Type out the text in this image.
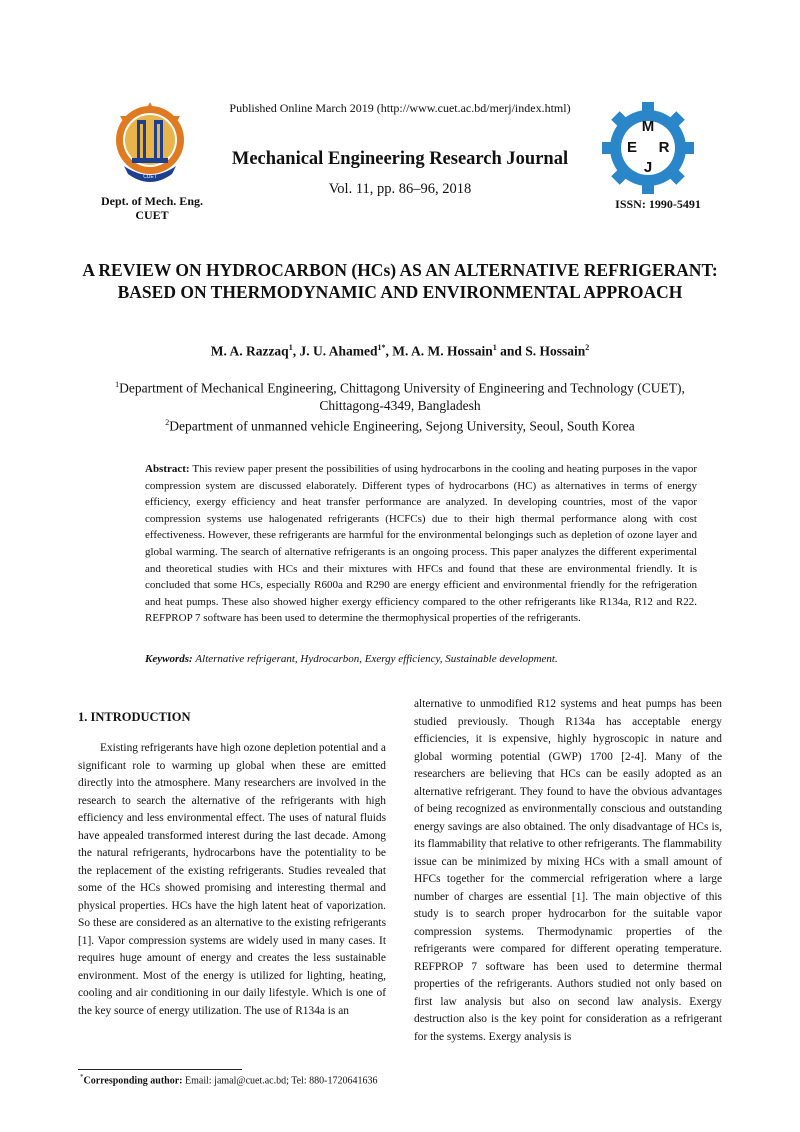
CUET
M
E R
J
Published Online March 2019 (http://www.cuet.ac.bd/merj/index.html)
Mechanical Engineering Research Journal
Vol. 11, pp. 86–96, 2018
Dept. of Mech. Eng.
CUET
ISSN: 1990-5491
A REVIEW ON HYDROCARBON (HCs) AS AN ALTERNATIVE REFRIGERANT: BASED ON THERMODYNAMIC AND ENVIRONMENTAL APPROACH
M. A. Razzaq$^1$, J. U. Ahamed$^{1*}$, M. A. M. Hossain$^1$ and S. Hossain$^2$
$^1$Department of Mechanical Engineering, Chittagong University of Engineering and Technology (CUET),
Chittagong-4349, Bangladesh
$^2$Department of unmanned vehicle Engineering, Sejong University, Seoul, South Korea
Abstract: This review paper present the possibilities of using hydrocarbons in the cooling and heating purposes in the vapor compression system are discussed elaborately. Different types of hydrocarbons (HC) as alternatives in terms of energy efficiency, exergy efficiency and heat transfer performance are analyzed. In developing countries, most of the vapor compression systems use halogenated refrigerants (HCFCs) due to their high thermal performance along with cost effectiveness. However, these refrigerants are harmful for the environmental belongings such as depletion of ozone layer and global warming. The search of alternative refrigerants is an ongoing process. This paper analyzes the different experimental and theoretical studies with HCs and their mixtures with HFCs and found that these are environmental friendly. It is concluded that some HCs, especially R600a and R290 are energy efficient and environmental friendly for the refrigeration and heat pumps. These also showed higher exergy efficiency compared to the other refrigerants like R134a, R12 and R22. REFPROP 7 software has been used to determine the thermophysical properties of the refrigerants.
Keywords: Alternative refrigerant, Hydrocarbon, Exergy efficiency, Sustainable development.
1. INTRODUCTION
Existing refrigerants have high ozone depletion potential and a significant role to warming up global when these are emitted directly into the atmosphere. Many researchers are involved in the research to search the alternative of the refrigerants with high efficiency and less environmental effect. The uses of natural fluids have appealed transformed interest during the last decade. Among the natural refrigerants, hydrocarbons have the potentiality to be the replacement of the existing refrigerants. Studies revealed that some of the HCs showed promising and interesting thermal and physical properties. HCs have the high latent heat of vaporization. So these are considered as an alternative to the existing refrigerants [1]. Vapor compression systems are widely used in many cases. It requires huge amount of energy and creates the less sustainable environment. Most of the energy is utilized for lighting, heating, cooling and air conditioning in our daily lifestyle. Which is one of the key source of energy utilization. The use of R134a is an
alternative to unmodified R12 systems and heat pumps has been studied previously. Though R134a has acceptable energy efficiencies, it is expensive, highly hygroscopic in nature and global worming potential (GWP) 1700 [2-4]. Many of the researchers are believing that HCs can be easily adopted as an alternative refrigerant. They found to have the obvious advantages of being recognized as environmentally conscious and outstanding energy savings are also obtained. The only disadvantage of HCs is, its flammability that relative to other refrigerants. The flammability issue can be minimized by mixing HCs with a small amount of HFCs together for the commercial refrigeration where a large number of charges are essential [1]. The main objective of this study is to search proper hydrocarbon for the suitable vapor compression systems. Thermodynamic properties of the refrigerants were compared for different operating temperature. REFPROP 7 software has been used to determine thermal properties of the refrigerants. Authors studied not only based on first law analysis but also on second law analysis. Exergy destruction also is the key point for consideration as a refrigerant for the systems. Exergy analysis is
*Corresponding author: Email: jamal@cuet.ac.bd; Tel: 880-1720641636
